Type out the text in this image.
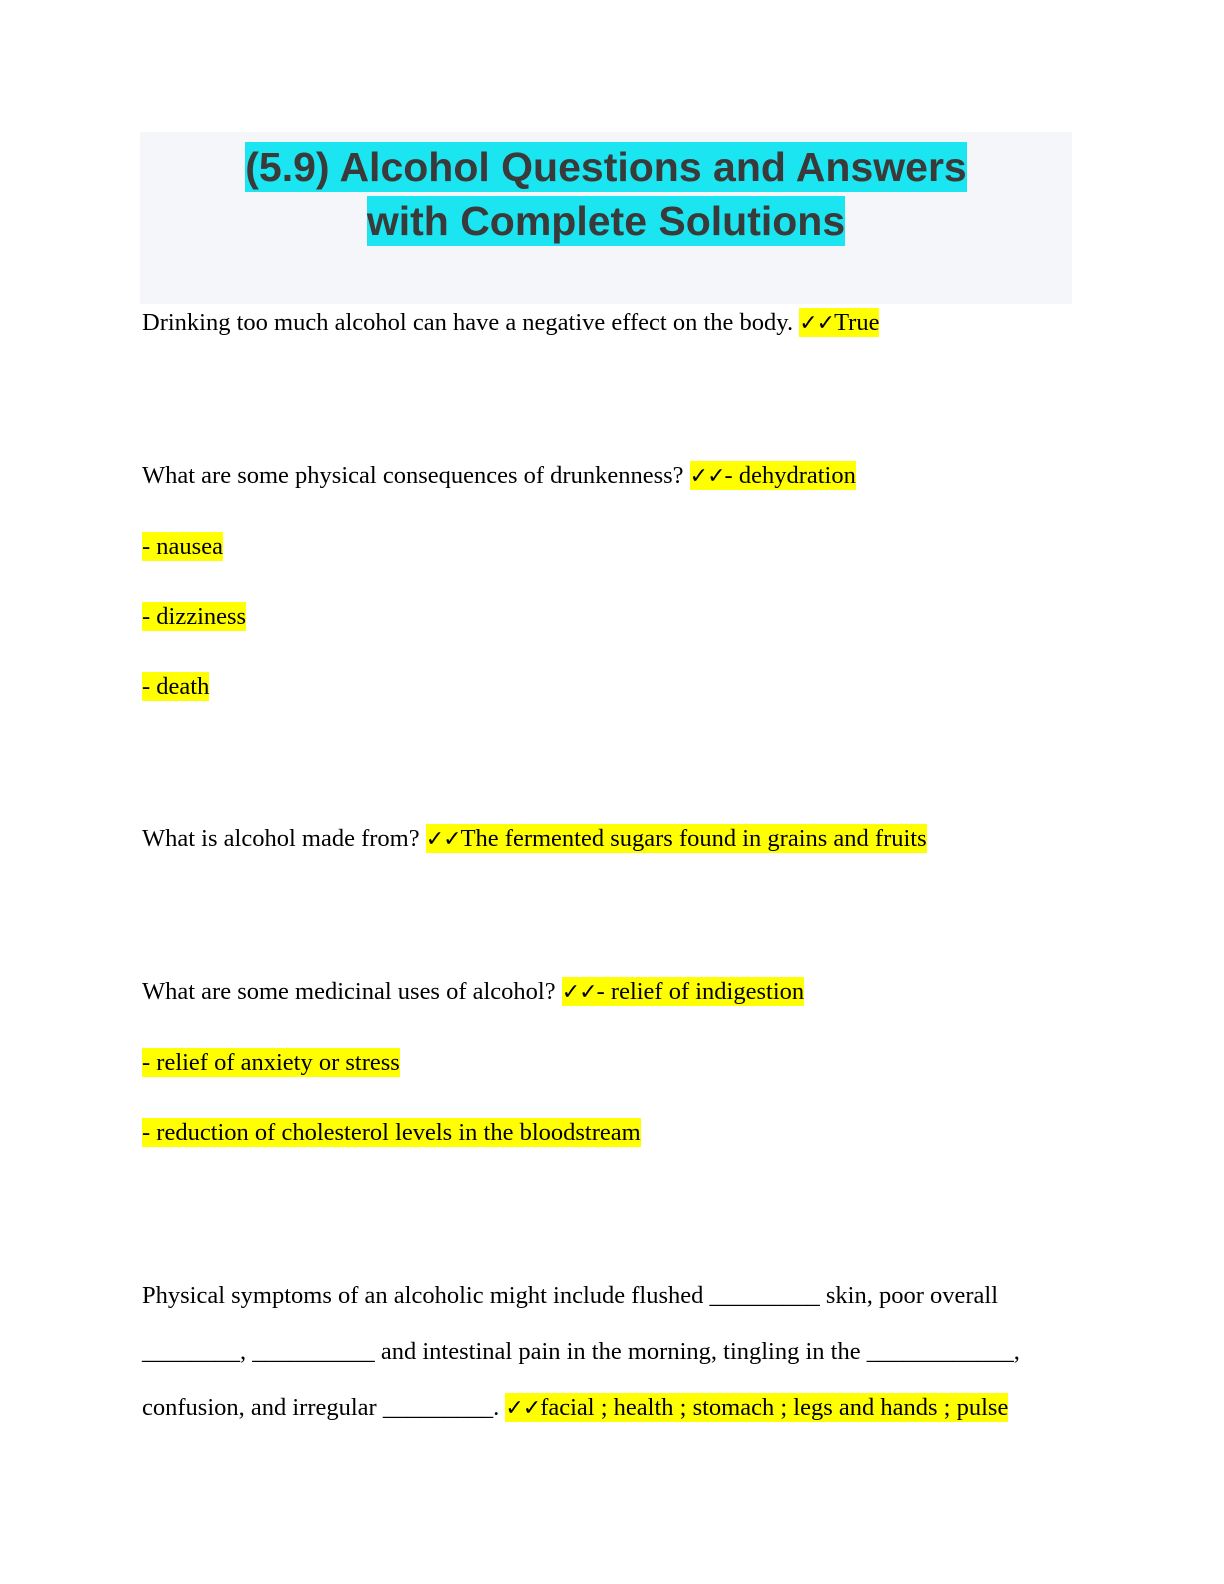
(5.9) Alcohol Questions and Answers
with Complete Solutions
Drinking too much alcohol can have a negative effect on the body. ✓✓True
What are some physical consequences of drunkenness? ✓✓- dehydration
- nausea
- dizziness
- death
What is alcohol made from? ✓✓The fermented sugars found in grains and fruits
What are some medicinal uses of alcohol? ✓✓- relief of indigestion
- relief of anxiety or stress
- reduction of cholesterol levels in the bloodstream
Physical symptoms of an alcoholic might include flushed _________ skin, poor overall ________, __________ and intestinal pain in the morning, tingling in the ____________, confusion, and irregular _________. ✓✓facial ; health ; stomach ; legs and hands ; pulse
